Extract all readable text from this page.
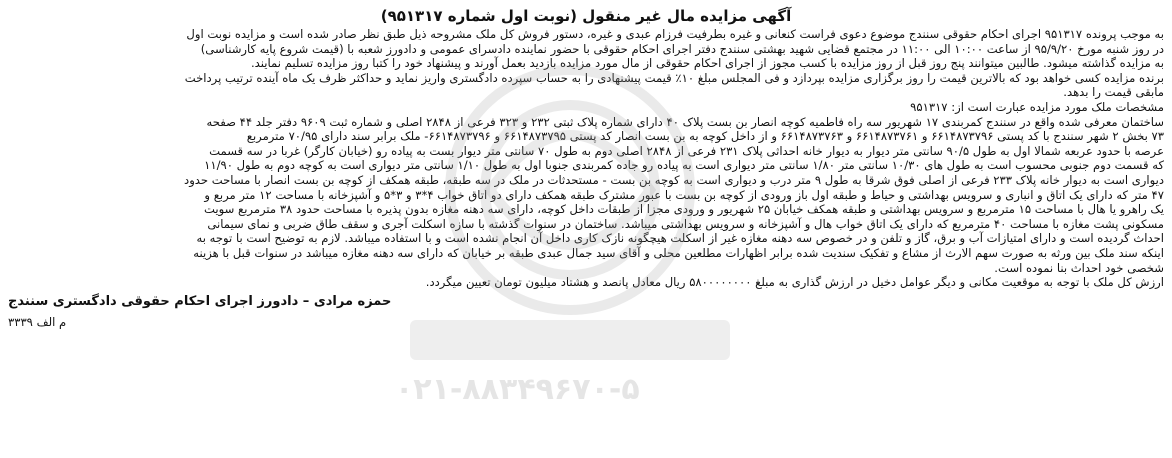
۰۲۱-۸۸۳۴۹۶۷۰-۵
آگهی مزایده مال غیر منقول (نوبت اول شماره ۹۵۱۳۱۷)
به موجب پرونده ۹۵۱۳۱۷ اجرای احکام حقوقی سنندج موضوع دعوی فراست کنعانی و غیره بطرفیت فرزام عبدی و غیره، دستور فروش کل ملک مشروحه ذیل طبق نظر صادر شده است و مزایده نوبت اول
در روز شنبه مورخ ۹۵/۹/۲۰ از ساعت ۱۰:۰۰ الی ۱۱:۰۰ در مجتمع قضایی شهید بهشتی سنندج دفتر اجرای احکام حقوقی با حضور نماینده دادسرای عمومی و دادورز شعبه با (قیمت شروع پایه کارشناسی)
به مزایده گذاشته میشود. طالبین میتوانند پنج روز قبل از روز مزایده با کسب مجوز از اجرای احکام حقوقی از مال مورد مزایده بازدید بعمل آورند و پیشنهاد خود را کتبا روز مزایده تسلیم نمایند.
برنده مزایده کسی خواهد بود که بالاترین قیمت را روز برگزاری مزایده بپردازد و فی المجلس مبلغ ۱۰٪ قیمت پیشنهادی را به حساب سپرده دادگستری واریز نماید و حداکثر ظرف یک ماه آینده ترتیب پرداخت
مابقی قیمت را بدهد.
مشخصات ملک مورد مزایده عبارت است از: ۹۵۱۳۱۷
ساختمان معرفی شده واقع در سنندج کمربندی ۱۷ شهریور سه راه فاطمیه کوچه انصار بن بست پلاک ۴۰ دارای شماره پلاک ثبتی ۲۳۲ و ۳۲۳ فرعی از ۲۸۴۸ اصلی و شماره ثبت ۹۶۰۹ دفتر جلد ۴۴ صفحه
۷۳ بخش ۲ شهر سنندج با کد پستی ۶۶۱۴۸۷۳۷۹۶ و ۶۶۱۴۸۷۳۷۶۱ و ۶۶۱۴۸۷۳۷۶۳ و از داخل کوچه به بن بست انصار کد پستی ۶۶۱۴۸۷۳۷۹۵ و ۶۶۱۴۸۷۳۷۹۶- ملک برابر سند دارای ۷۰/۹۵ مترمربع
عرصه با حدود عربعه شمالا اول به طول ۹۰/۵ سانتی متر دیوار به دیوار خانه احداثی پلاک ۲۳۱ فرعی از ۲۸۴۸ اصلی دوم به طول ۷۰ سانتی متر دیوار بست به پیاده رو (خیابان کارگر) غربا در سه قسمت
که قسمت دوم جنوبی محسوب است به طول های ۱۰/۳۰ سانتی متر ۱/۸۰ سانتی متر دیواری است به پیاده رو جاده کمربندی جنوبا اول به طول ۱/۱۰ سانتی متر دیواری است به کوچه دوم به طول ۱۱/۹۰
دیواری است به دیوار خانه پلاک ۲۳۳ فرعی از اصلی فوق شرقا به طول ۹ متر درب و دیواری است به کوچه بن بست - مستحدثات در ملک در سه طبقه، طبقه همکف از کوچه بن بست انصار با مساحت حدود
۴۷ متر که دارای یک اتاق و انباری و سرویس بهداشتی و حیاط و طبقه اول باز ورودی از کوچه بن بست با عبور مشترک طبقه همکف دارای دو اتاق خواب ۴*۳ و ۳*۵ و آشپزخانه با مساحت ۱۲ متر مربع و
یک راهرو یا هال با مساحت ۱۵ مترمربع و سرویس بهداشتی و طبقه همکف خیابان ۲۵ شهریور و ورودی مجزا از طبقات داخل کوچه، دارای سه دهنه مغازه بدون پذیره با مساحت حدود ۳۸ مترمربع سویت
مسکونی پشت مغازه با مساحت ۴۰ مترمربع که دارای یک اتاق خواب هال و آشپزخانه و سرویس بهداشتی میباشد. ساختمان در سنوات گذشته با سازه اسکلت آجری و سقف طاق ضربی و نمای سیمانی
احداث گردیده است و دارای امتیازات آب و برق، گاز و تلفن و در خصوص سه دهنه مغازه غیر از اسکلت هیچگونه نازک کاری داخل آن انجام نشده است و با استفاده میباشد. لازم به توضیح است با توجه به
اینکه سند ملک بین ورثه به صورت سهم الارث از مشاع و تفکیک سندیت شده برابر اظهارات مطلعین محلی و آقای سید جمال عبدی طبقه بر خیابان که دارای سه دهنه مغازه میباشد در سنوات قبل با هزینه
شخصی خود احداث بنا نموده است.
ارزش کل ملک با توجه به موقعیت مکانی و دیگر عوامل دخیل در ارزش گذاری به مبلغ ۵۸۰۰۰۰۰۰۰۰ ریال معادل پانصد و هشتاد میلیون تومان تعیین میگردد.
حمزه مرادی – دادورز اجرای احکام حقوقی دادگستری سنندج
م الف ۳۳۳۹
